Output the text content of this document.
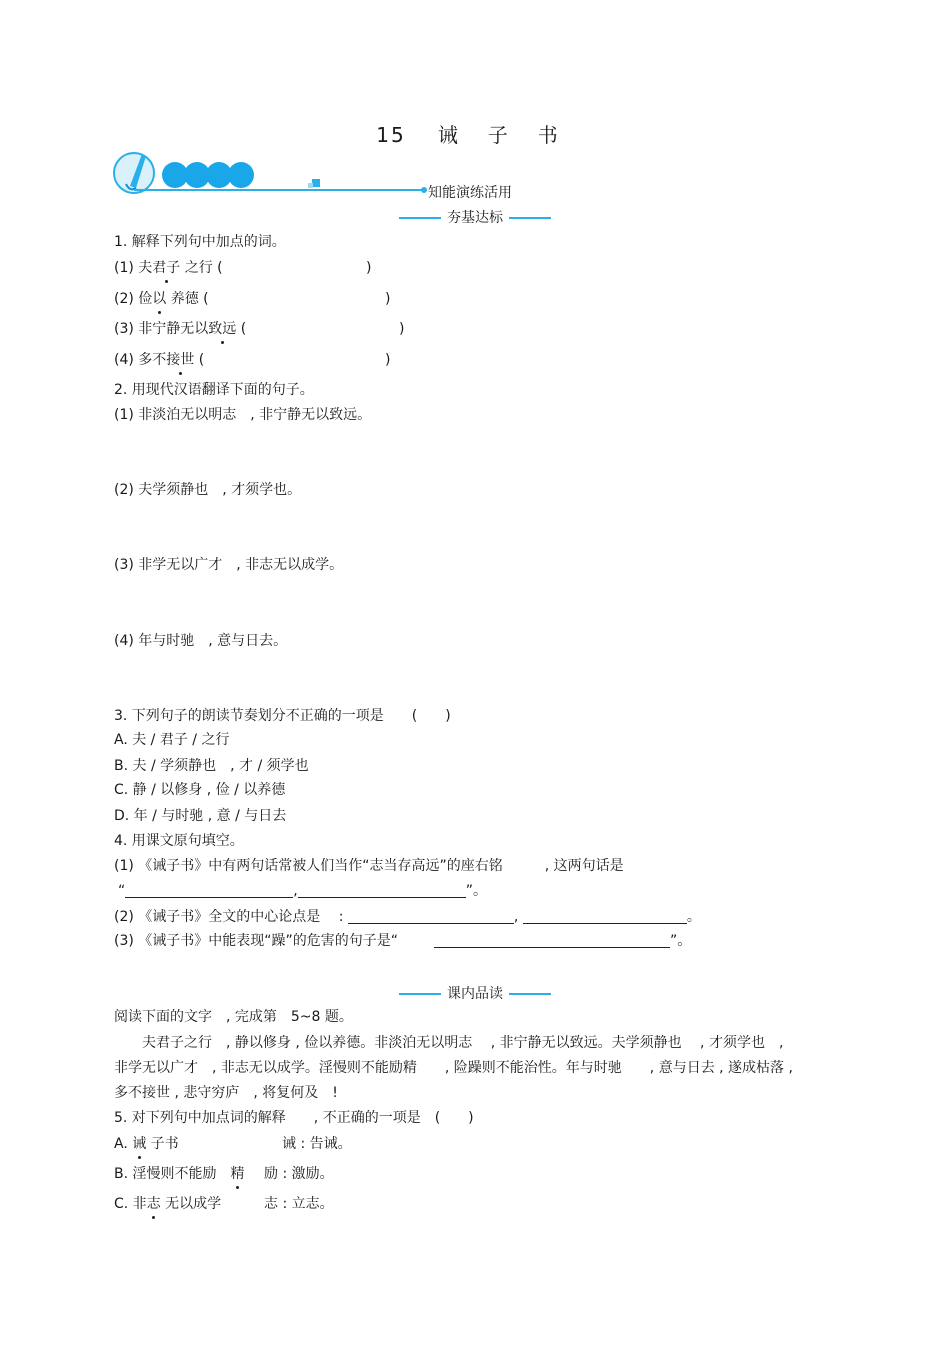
15 诫 子 书
知能演练活用
夯基达标
1. 解释下列句中加点的词。
(1) 夫君子 之行 (	)
(2) 俭以 养德 (	)
(3) 非宁静无以致远 (	)
(4) 多不接世 (	)
2. 用现代汉语翻译下面的句子。
(1) 非淡泊无以明志　, 非宁静无以致远。
(2) 夫学须静也　, 才须学也。
(3) 非学无以广才　, 非志无以成学。
(4) 年与时驰　, 意与日去。
3. 下列句子的朗读节奏划分不正确的一项是　　(　　)
A. 夫 / 君子 / 之行
B. 夫 / 学须静也　, 才 / 须学也
C. 静 / 以修身 , 俭 / 以养德
D. 年 / 与时驰 , 意 / 与日去
4. 用课文原句填空。
(1) 《诫子书》中有两句话常被人们当作“志当存高远”的座右铭　　　, 这两句话是
“	,	”。
(2) 《诫子书》全文的中心论点是　 :	,	。
(3) 《诫子书》中能表现“躁”的危害的句子是“	”。
课内品读
阅读下面的文字　, 完成第　5~8 题。
　　夫君子之行　, 静以修身 , 俭以养德。非淡泊无以明志　 , 非宁静无以致远。夫学须静也　 , 才须学也　,
非学无以广才　, 非志无以成学。淫慢则不能励精　　, 险躁则不能治性。年与时驰　　, 意与日去 , 遂成枯落 ,
多不接世 , 悲守穷庐　, 将复何及　!
5. 对下列句中加点词的解释　　, 不正确的一项是　(　　)
A. 诫 子书	诫 : 告诫。
B. 淫慢则不能励　精 励 : 激励。
C. 非志 无以成学	志 : 立志。
